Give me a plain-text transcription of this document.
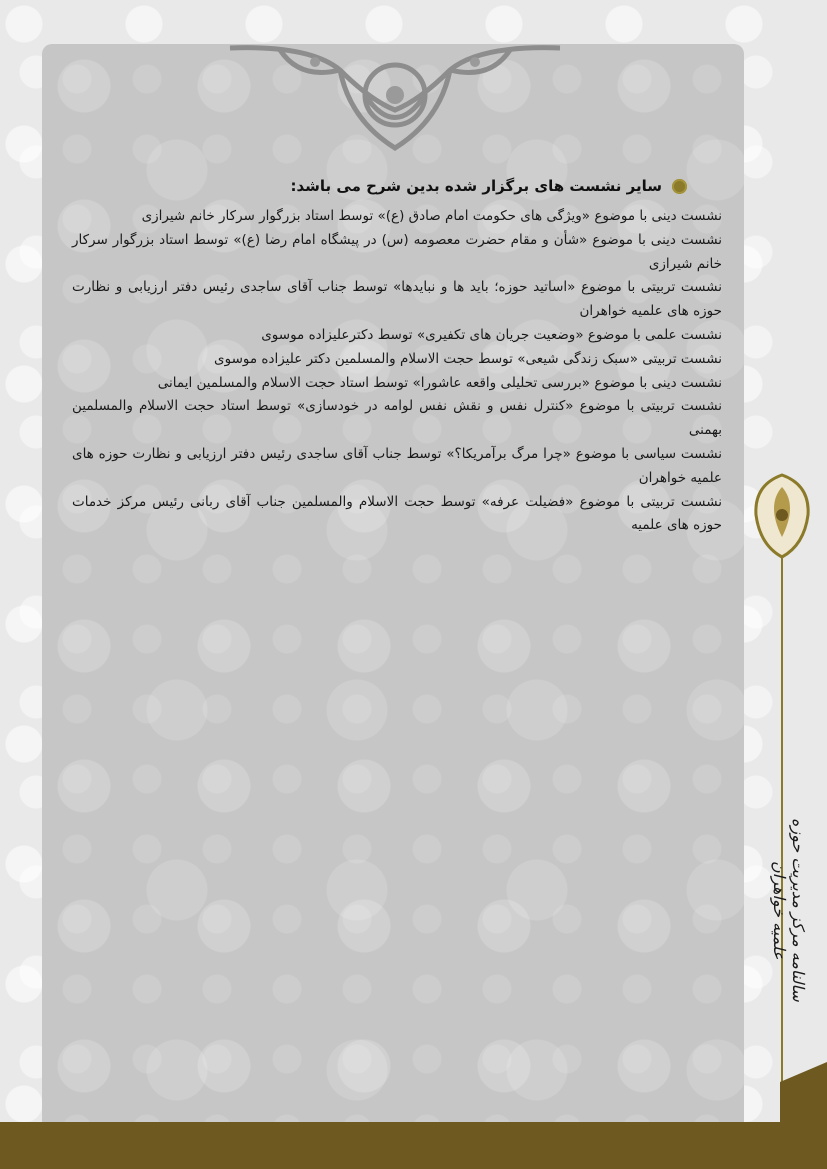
سایر نشست های برگزار شده بدین شرح می باشد:

نشست دینی با موضوع «ویژگی های حکومت امام صادق (ع)» توسط استاد بزرگوار سرکار خانم شیرازی

نشست دینی با موضوع «شأن و مقام حضرت معصومه (س) در پیشگاه امام رضا (ع)» توسط استاد بزرگوار سرکار خانم شیرازی

نشست تربیتی با موضوع «اساتید حوزه؛ باید ها و نبایدها» توسط جناب آقای ساجدی رئیس دفتر ارزیابی و نظارت حوزه های علمیه خواهران

نشست علمی با موضوع «وضعیت جریان های تکفیری» توسط دکترعلیزاده موسوی

نشست تربیتی «سبک زندگی شیعی» توسط حجت الاسلام والمسلمین دکتر علیزاده موسوی

نشست دینی با موضوع «بررسی تحلیلی واقعه عاشورا» توسط استاد حجت الاسلام والمسلمین ایمانی

نشست تربیتی با موضوع «کنترل نفس و نقش نفس لوامه در خودسازی» توسط استاد حجت الاسلام والمسلمین بهمنی

نشست سیاسی با موضوع «چرا مرگ برآمریکا؟» توسط جناب آقای ساجدی رئیس دفتر ارزیابی و نظارت حوزه های علمیه خواهران

نشست تربیتی با موضوع «فضیلت عرفه» توسط حجت الاسلام والمسلمین جناب آقای ربانی رئیس مرکز خدمات حوزه های علمیه

سالنامه مرکز مدیریت حوزه علمیه خواهران
